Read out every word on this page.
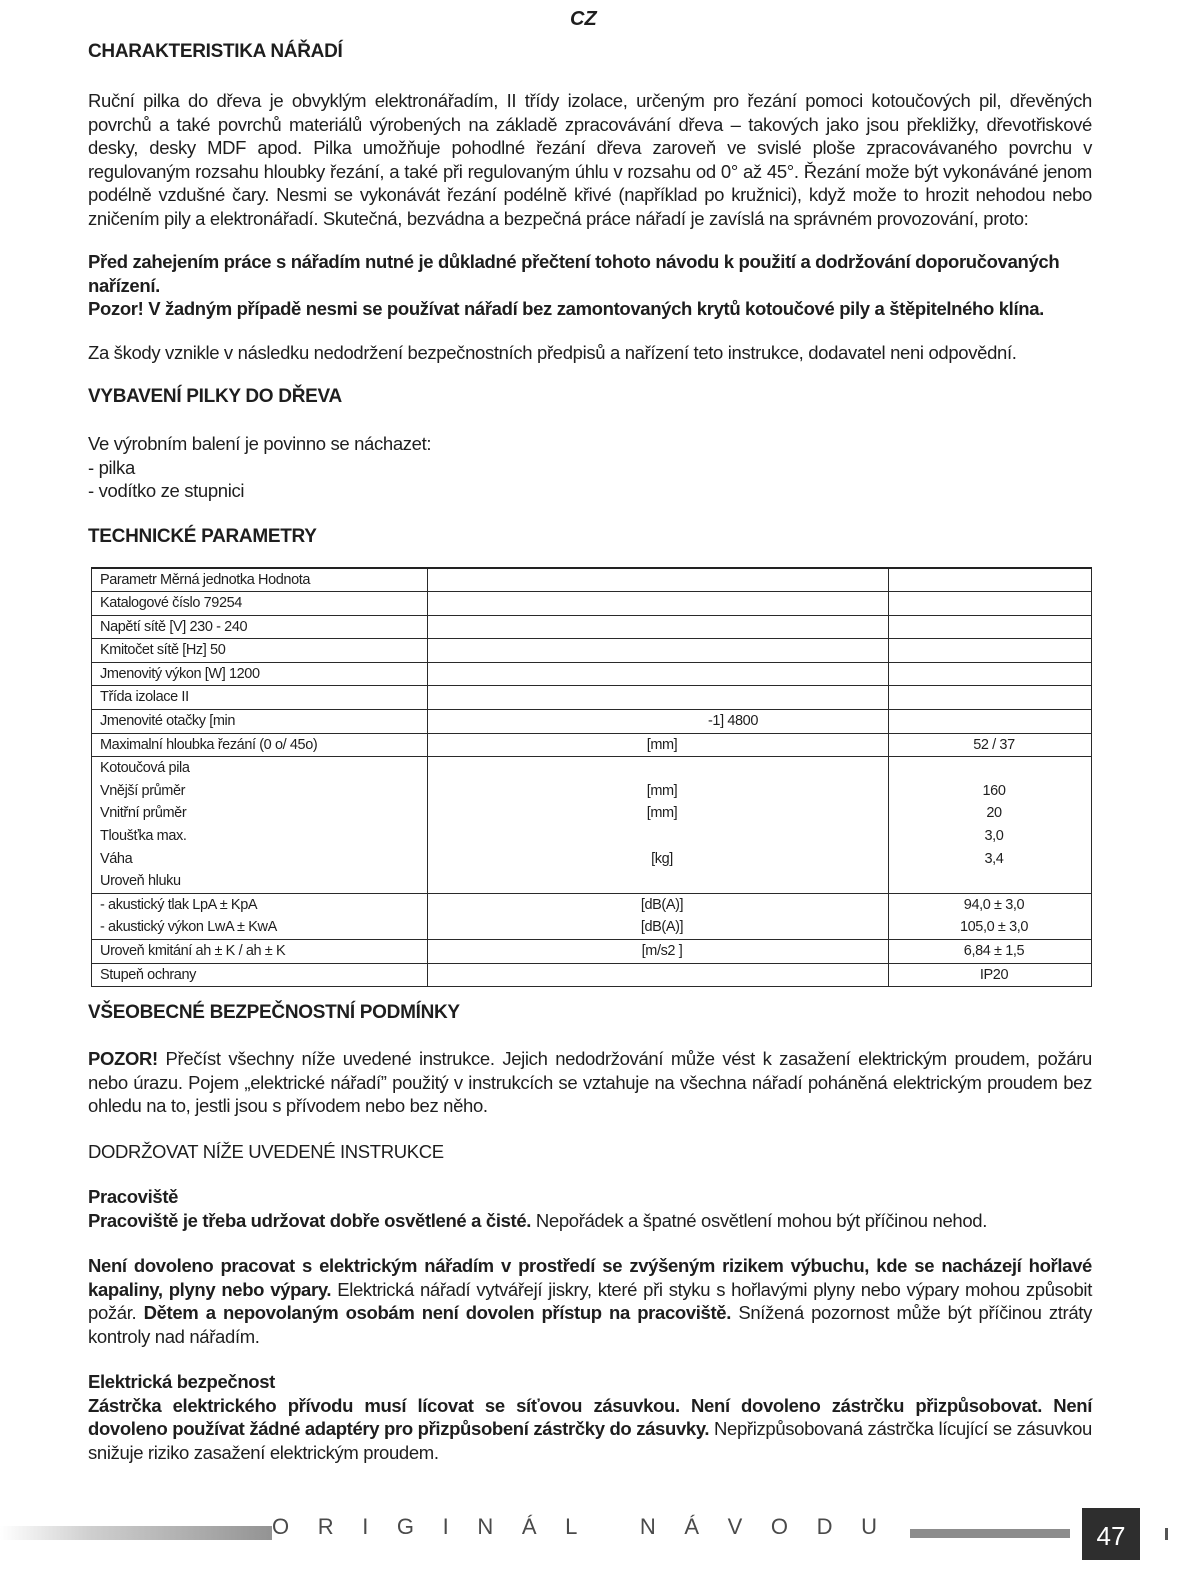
CZ
CHARAKTERISTIKA NÁŘADÍ

Ruční pilka do dřeva je obvyklým elektronářadím, II třídy izolace, určeným pro řezání pomoci kotoučových pil, dřevěných povrchů a také povrchů materiálů výrobených na základě zpracovávání dřeva – takových jako jsou překližky, dřevotřiskové desky, desky MDF apod. Pilka umožňuje pohodlné řezání dřeva zaroveň ve svislé ploše zpracovávaného povrchu v regulovaným rozsahu hloubky řezání, a také při regulovaným úhlu v rozsahu od 0° až 45°. Řezání može být vykonáváné jenom podélně vzdušné čary. Nesmi se vykonávát řezání podélně křivé (například po kružnici), když može to hrozit nehodou nebo zničením pily a elektronářadí. Skutečná, bezvádna a bezpečná práce nářadí je zavíslá na správném provozování, proto:

Před zahejením práce s nářadím nutné je důkladné přečtení tohoto návodu k použití a dodržování doporučovaných nařízení.

Pozor! V žadným případě nesmi se používat nářadí bez zamontovaných krytů kotoučové pily a štěpitelného klína.

Za škody vznikle v následku nedodržení bezpečnostních předpisů a nařízení teto instrukce, dodavatel neni odpovědní.

VYBAVENÍ PILKY DO DŘEVA

Ve výrobním balení je povinno se náchazet:

- pilka
- vodítko ze stupnici
TECHNICKÉ PARAMETRY
Parametr Měrná jednotka Hodnota		
Katalogové číslo 79254		
Napětí sítě [V] 230 - 240		
Kmitočet sítě [Hz] 50		
Jmenovitý výkon [W] 1200		
Třída izolace II		
Jmenovité otačky [min	-1] 4800	
Maximalní hloubka řezání (0 o/ 45o)	[mm]	52 / 37
Kotoučová pila		
Vnější průměr	[mm]	160
Vnitřní průměr	[mm]	20
Tloušťka max.		3,0
Váha	[kg]	3,4
Uroveň hluku		
- akustický tlak LpA ± KpA	[dB(A)]	94,0 ± 3,0
- akustický výkon LwA ± KwA	[dB(A)]	105,0 ± 3,0
Uroveň kmitání ah ± K / ah ± K	[m/s2 ]	6,84 ± 1,5
Stupeň ochrany		IP20
VŠEOBECNÉ BEZPEČNOSTNÍ PODMÍNKY

POZOR! Přečíst všechny níže uvedené instrukce. Jejich nedodržování může vést k zasažení elektrickým proudem, požáru nebo úrazu. Pojem „elektrické nářadí” použitý v instrukcích se vztahuje na všechna nářadí poháněná elektrickým proudem bez ohledu na to, jestli jsou s přívodem nebo bez něho.

DODRŽOVAT NÍŽE UVEDENÉ INSTRUKCE

Pracoviště

Pracoviště je třeba udržovat dobře osvětlené a čisté. Nepořádek a špatné osvětlení mohou být příčinou nehod.

Není dovoleno pracovat s elektrickým nářadím v prostředí se zvýšeným rizikem výbuchu, kde se nacházejí hořlavé kapaliny, plyny nebo výpary. Elektrická nářadí vytvářejí jiskry, které při styku s hořlavými plyny nebo výpary mohou způsobit požár. Dětem a nepovolaným osobám není dovolen přístup na pracoviště. Snížená pozornost může být příčinou ztráty kontroly nad nářadím.

Elektrická bezpečnost

Zástrčka elektrického přívodu musí lícovat se síťovou zásuvkou. Není dovoleno zástrčku přizpůsobovat. Není dovoleno používat žádné adaptéry pro přizpůsobení zástrčky do zásuvky. Nepřizpůsobovaná zástrčka lícující se zásuvkou snižuje riziko zasažení elektrickým proudem.

ORIGINÁL NÁVODU	47
